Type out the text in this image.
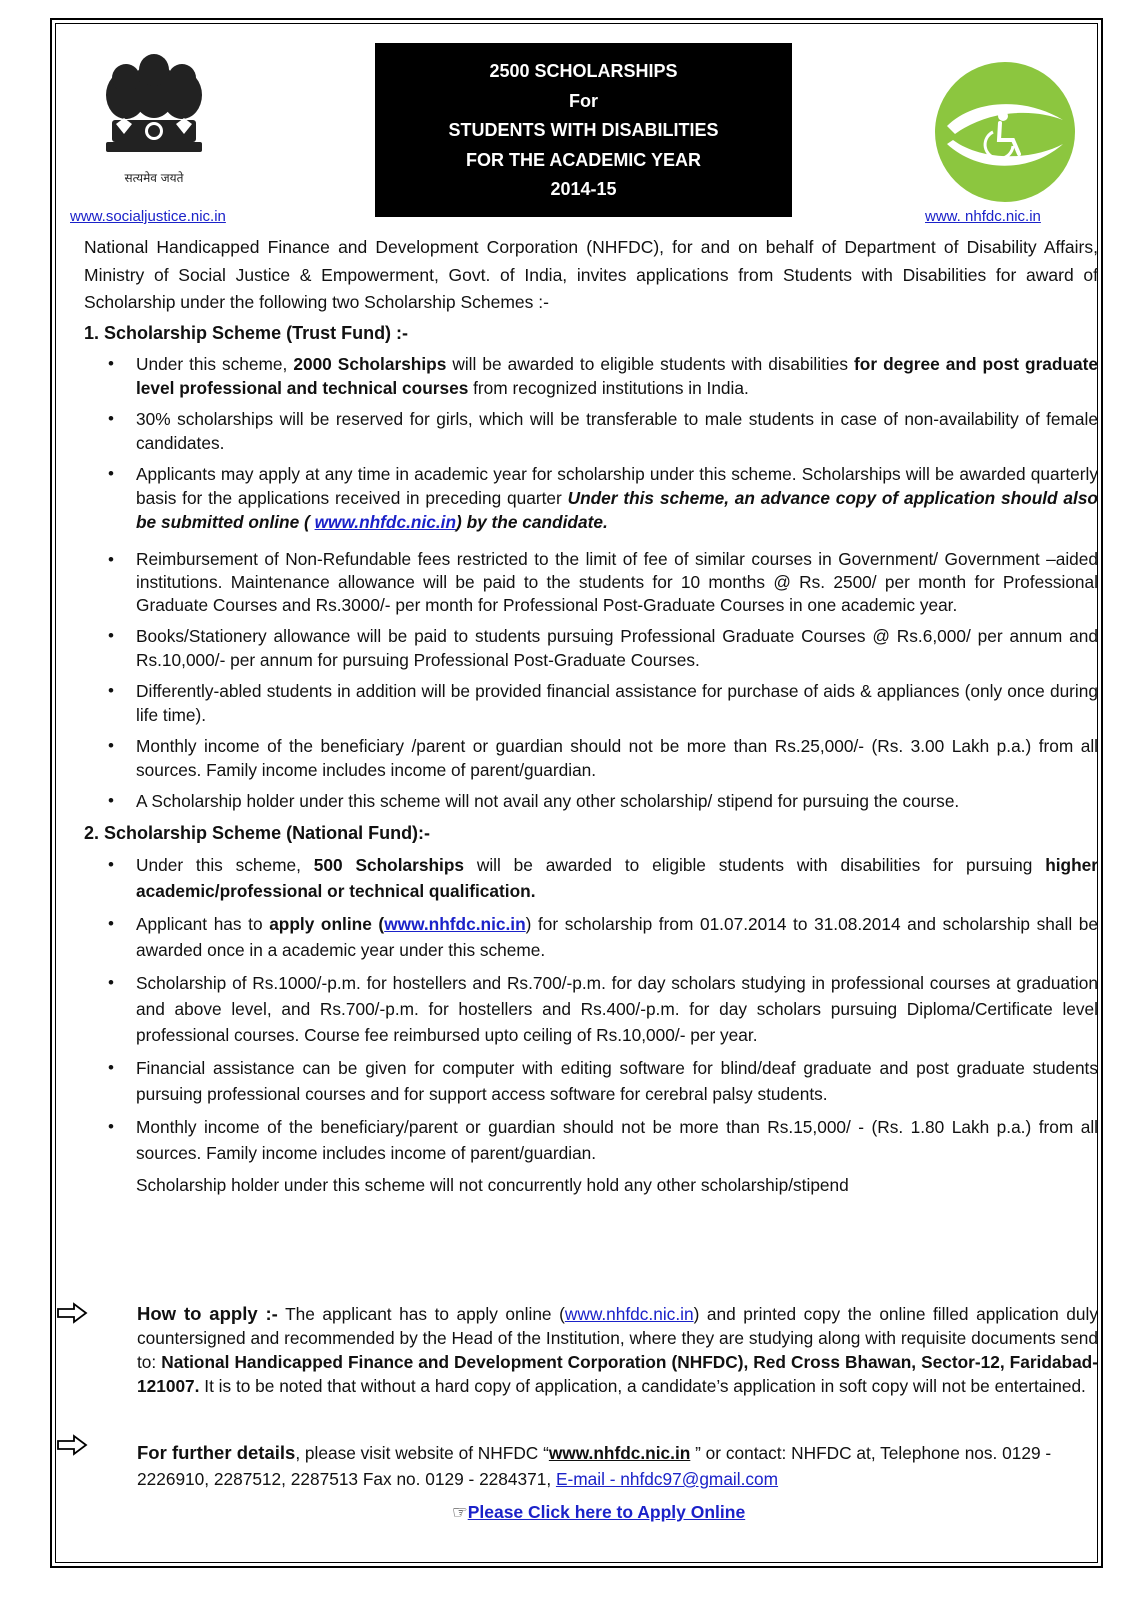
सत्यमेव जयते
2500 SCHOLARSHIPS
For
STUDENTS WITH DISABILITIES
FOR THE ACADEMIC YEAR
2014-15
www.socialjustice.nic.in	www. nhfdc.nic.in

National Handicapped Finance and Development Corporation (NHFDC), for and on behalf of Department of Disability Affairs, Ministry of Social Justice & Empowerment, Govt. of India, invites applications from Students with Disabilities for award of Scholarship under the following two Scholarship Schemes :-

1. Scholarship Scheme (Trust Fund) :-
• Under this scheme, 2000 Scholarships will be awarded to eligible students with disabilities for degree and post graduate level professional and technical courses from recognized institutions in India.
• 30% scholarships will be reserved for girls, which will be transferable to male students in case of non-availability of female candidates.
• Applicants may apply at any time in academic year for scholarship under this scheme. Scholarships will be awarded quarterly basis for the applications received in preceding quarter Under this scheme, an advance copy of application should also be submitted online ( www.nhfdc.nic.in) by the candidate.
• Reimbursement of Non-Refundable fees restricted to the limit of fee of similar courses in Government/ Government –aided institutions. Maintenance allowance will be paid to the students for 10 months @ Rs. 2500/ per month for Professional Graduate Courses and Rs.3000/- per month for Professional Post-Graduate Courses in one academic year.
• Books/Stationery allowance will be paid to students pursuing Professional Graduate Courses @ Rs.6,000/ per annum and Rs.10,000/- per annum for pursuing Professional Post-Graduate Courses.
• Differently-abled students in addition will be provided financial assistance for purchase of aids & appliances (only once during life time).
• Monthly income of the beneficiary /parent or guardian should not be more than Rs.25,000/- (Rs. 3.00 Lakh p.a.) from all sources. Family income includes income of parent/guardian.
• A Scholarship holder under this scheme will not avail any other scholarship/ stipend for pursuing the course.
2. Scholarship Scheme (National Fund):-
• Under this scheme, 500 Scholarships will be awarded to eligible students with disabilities for pursuing higher academic/professional or technical qualification.
• Applicant has to apply online (www.nhfdc.nic.in) for scholarship from 01.07.2014 to 31.08.2014 and scholarship shall be awarded once in a academic year under this scheme.
• Scholarship of Rs.1000/-p.m. for hostellers and Rs.700/-p.m. for day scholars studying in professional courses at graduation and above level, and Rs.700/-p.m. for hostellers and Rs.400/-p.m. for day scholars pursuing Diploma/Certificate level professional courses. Course fee reimbursed upto ceiling of Rs.10,000/- per year.
• Financial assistance can be given for computer with editing software for blind/deaf graduate and post graduate students pursuing professional courses and for support access software for cerebral palsy students.
• Monthly income of the beneficiary/parent or guardian should not be more than Rs.15,000/ - (Rs. 1.80 Lakh p.a.) from all sources. Family income includes income of parent/guardian.
Scholarship holder under this scheme will not concurrently hold any other scholarship/stipend
How to apply :- The applicant has to apply online (www.nhfdc.nic.in) and printed copy the online filled application duly countersigned and recommended by the Head of the Institution, where they are studying along with requisite documents send to: National Handicapped Finance and Development Corporation (NHFDC), Red Cross Bhawan, Sector-12, Faridabad-121007. It is to be noted that without a hard copy of application, a candidate’s application in soft copy will not be entertained.
For further details, please visit website of NHFDC “www.nhfdc.nic.in ” or contact: NHFDC at, Telephone nos. 0129 - 2226910, 2287512, 2287513 Fax no. 0129 - 2284371, E-mail - nhfdc97@gmail.com
☞Please Click here to Apply Online
